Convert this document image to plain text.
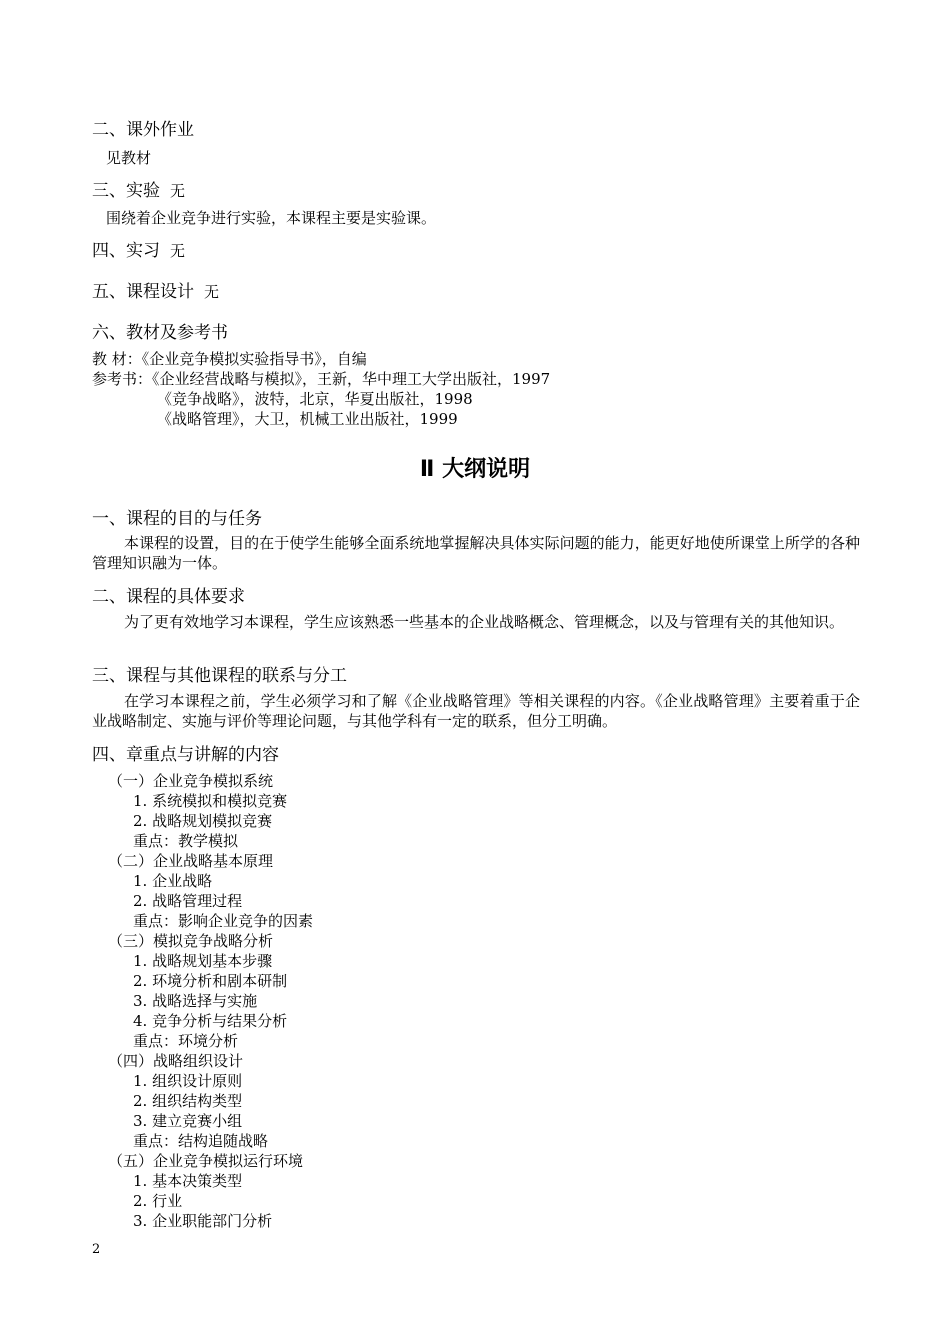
二、课外作业
见教材
三、实验 无
围绕着企业竞争进行实验，本课程主要是实验课。
四、实习 无
五、课程设计 无
六、教材及参考书
教 材：《企业竞争模拟实验指导书》，自编
参考书：《企业经营战略与模拟》，王新，华中理工大学出版社，1997
《竞争战略》，波特，北京，华夏出版社，1998
《战略管理》，大卫，机械工业出版社，1999
Ⅱ 大纲说明
一、课程的目的与任务
本课程的设置，目的在于使学生能够全面系统地掌握解决具体实际问题的能力，能更好地使所课堂上所学的各种管理知识融为一体。
二、课程的具体要求
为了更有效地学习本课程，学生应该熟悉一些基本的企业战略概念、管理概念，以及与管理有关的其他知识。
三、课程与其他课程的联系与分工
在学习本课程之前，学生必须学习和了解《企业战略管理》等相关课程的内容。《企业战略管理》主要着重于企业战略制定、实施与评价等理论问题，与其他学科有一定的联系，但分工明确。
四、章重点与讲解的内容
（一）企业竞争模拟系统
1. 系统模拟和模拟竞赛
2. 战略规划模拟竞赛
重点：教学模拟
（二）企业战略基本原理
1. 企业战略
2. 战略管理过程
重点：影响企业竞争的因素
（三）模拟竞争战略分析
1. 战略规划基本步骤
2. 环境分析和剧本研制
3. 战略选择与实施
4. 竞争分析与结果分析
重点：环境分析
（四）战略组织设计
1. 组织设计原则
2. 组织结构类型
3. 建立竞赛小组
重点：结构追随战略
（五）企业竞争模拟运行环境
1. 基本决策类型
2. 行业
3. 企业职能部门分析
2
